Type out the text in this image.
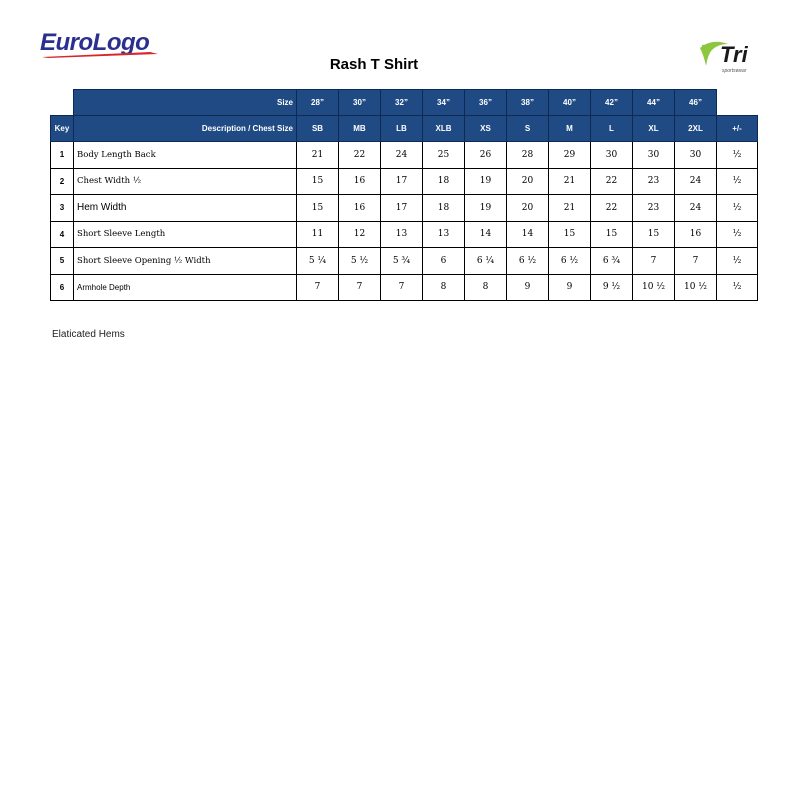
EuroLogo	Tri
sportswear
Rash T Shirt
	Size	28”	30”	32”	34”	36”	38”	40”	42”	44”	46”	
Key	Description / Chest Size	SB	MB	LB	XLB	XS	S	M	L	XL	2XL	+/-
1	Body Length Back	21	22	24	25	26	28	29	30	30	30	½
2	Chest Width ½	15	16	17	18	19	20	21	22	23	24	½
3	Hem Width	15	16	17	18	19	20	21	22	23	24	½
4	Short Sleeve Length	11	12	13	13	14	14	15	15	15	16	½
5	Short Sleeve Opening ½ Width	5 ¼	5 ½	5 ¾	6	6 ¼	6 ½	6 ½	6 ¾	7	7	½
6	Armhole Depth	7	7	7	8	8	9	9	9 ½	10 ½	10 ½	½
Elaticated Hems
